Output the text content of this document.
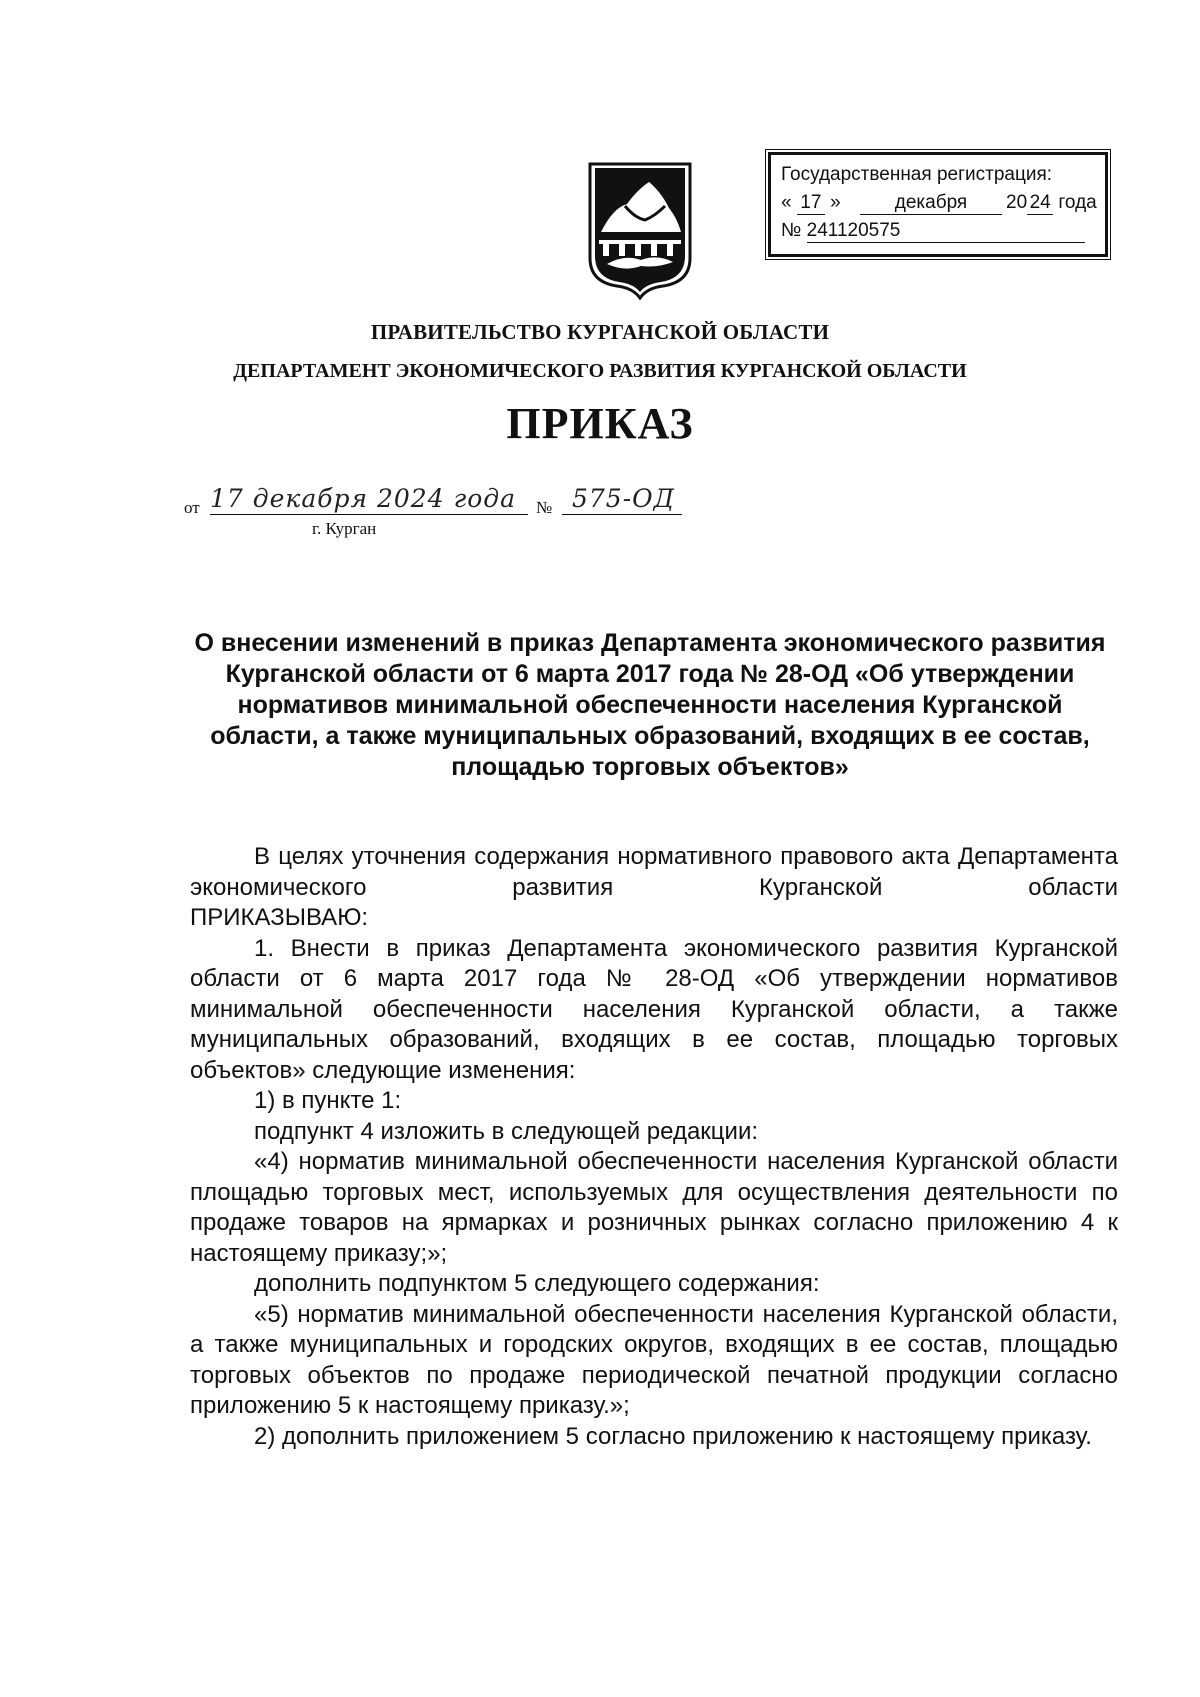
Государственная регистрация:
« 17 »	декабря 20 24 года
№ 241120575
ПРАВИТЕЛЬСТВО КУРГАНСКОЙ ОБЛАСТИ
ДЕПАРТАМЕНТ ЭКОНОМИЧЕСКОГО РАЗВИТИЯ КУРГАНСКОЙ ОБЛАСТИ
ПРИКАЗ
от 17 декабря 2024 года	№ 575-ОД
г. Курган
О внесении изменений в приказ Департамента экономического развития Курганской области от 6 марта 2017 года № 28-ОД «Об утверждении нормативов минимальной обеспеченности населения Курганской области, а также муниципальных образований, входящих в ее состав, площадью торговых объектов»

В целях уточнения содержания нормативного правового акта Департамента экономического развития Курганской области

ПРИКАЗЫВАЮ:

1. Внести в приказ Департамента экономического развития Курганской области от 6 марта 2017 года № 28-ОД «Об утверждении нормативов минимальной обеспеченности населения Курганской области, а также муниципальных образований, входящих в ее состав, площадью торговых объектов» следующие изменения:

1) в пункте 1:

подпункт 4 изложить в следующей редакции:

«4) норматив минимальной обеспеченности населения Курганской области площадью торговых мест, используемых для осуществления деятельности по продаже товаров на ярмарках и розничных рынках согласно приложению 4 к настоящему приказу;»;

дополнить подпунктом 5 следующего содержания:

«5) норматив минимальной обеспеченности населения Курганской области, а также муниципальных и городских округов, входящих в ее состав, площадью торговых объектов по продаже периодической печатной продукции согласно приложению 5 к настоящему приказу.»;

2) дополнить приложением 5 согласно приложению к настоящему приказу.
